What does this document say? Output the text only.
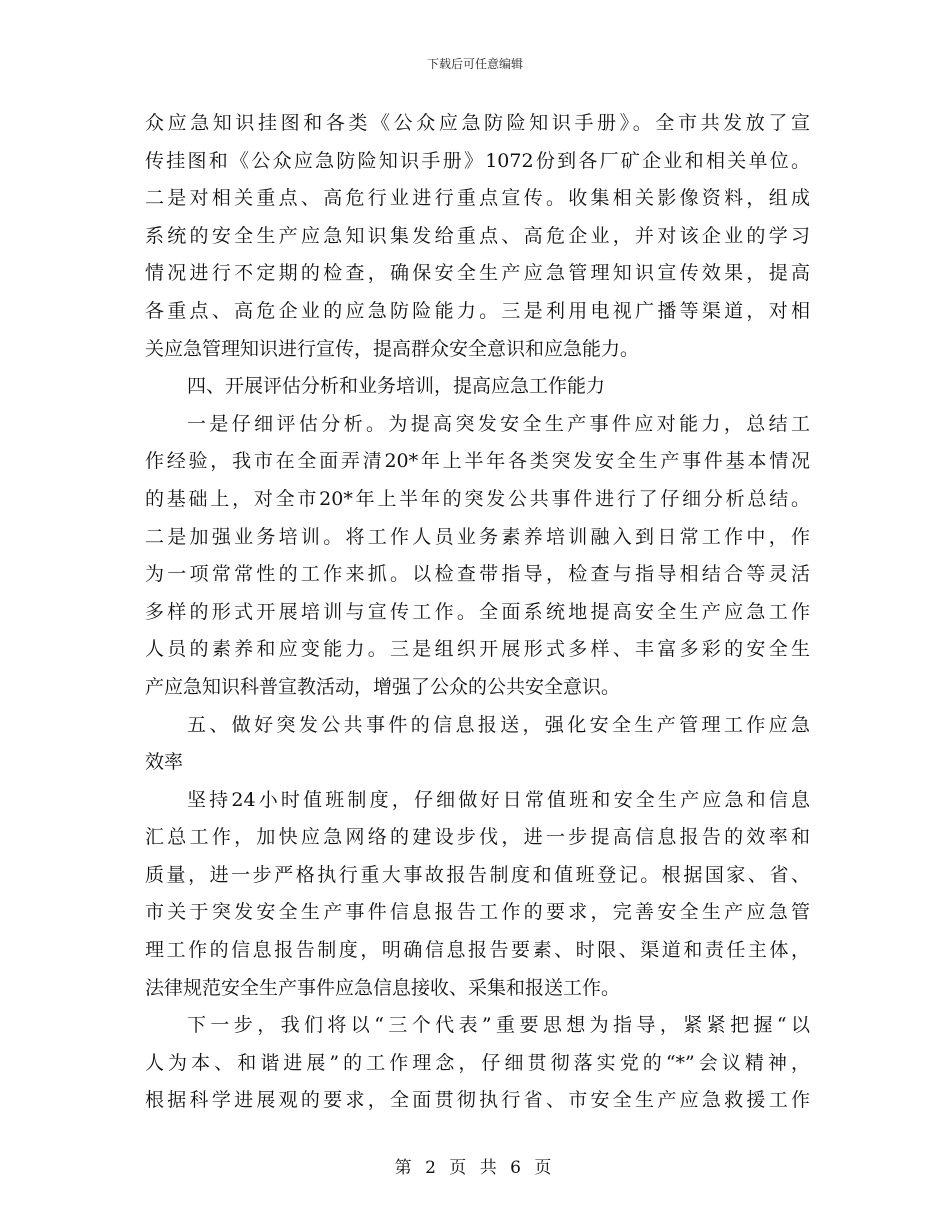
下载后可任意编辑
众应急知识挂图和各类《公众应急防险知识手册》。全市共发放了宣
传挂图和《公众应急防险知识手册》1072份到各厂矿企业和相关单位。
二是对相关重点、高危行业进行重点宣传。收集相关影像资料，组成
系统的安全生产应急知识集发给重点、高危企业，并对该企业的学习
情况进行不定期的检查，确保安全生产应急管理知识宣传效果，提高
各重点、高危企业的应急防险能力。三是利用电视广播等渠道，对相
关应急管理知识进行宣传，提高群众安全意识和应急能力。
四、开展评估分析和业务培训，提高应急工作能力
一是仔细评估分析。为提高突发安全生产事件应对能力，总结工
作经验，我市在全面弄清20*年上半年各类突发安全生产事件基本情况
的基础上，对全市20*年上半年的突发公共事件进行了仔细分析总结。
二是加强业务培训。将工作人员业务素养培训融入到日常工作中，作
为一项常常性的工作来抓。以检查带指导，检查与指导相结合等灵活
多样的形式开展培训与宣传工作。全面系统地提高安全生产应急工作
人员的素养和应变能力。三是组织开展形式多样、丰富多彩的安全生
产应急知识科普宣教活动，增强了公众的公共安全意识。
五、做好突发公共事件的信息报送，强化安全生产管理工作应急
效率
坚持24小时值班制度，仔细做好日常值班和安全生产应急和信息
汇总工作，加快应急网络的建设步伐，进一步提高信息报告的效率和
质量，进一步严格执行重大事故报告制度和值班登记。根据国家、省、
市关于突发安全生产事件信息报告工作的要求，完善安全生产应急管
理工作的信息报告制度，明确信息报告要素、时限、渠道和责任主体，
法律规范安全生产事件应急信息接收、采集和报送工作。
下一步，我们将以“三个代表”重要思想为指导，紧紧把握“以
人为本、和谐进展”的工作理念，仔细贯彻落实党的“*”会议精神，
根据科学进展观的要求，全面贯彻执行省、市安全生产应急救援工作
第 2 页 共 6 页
